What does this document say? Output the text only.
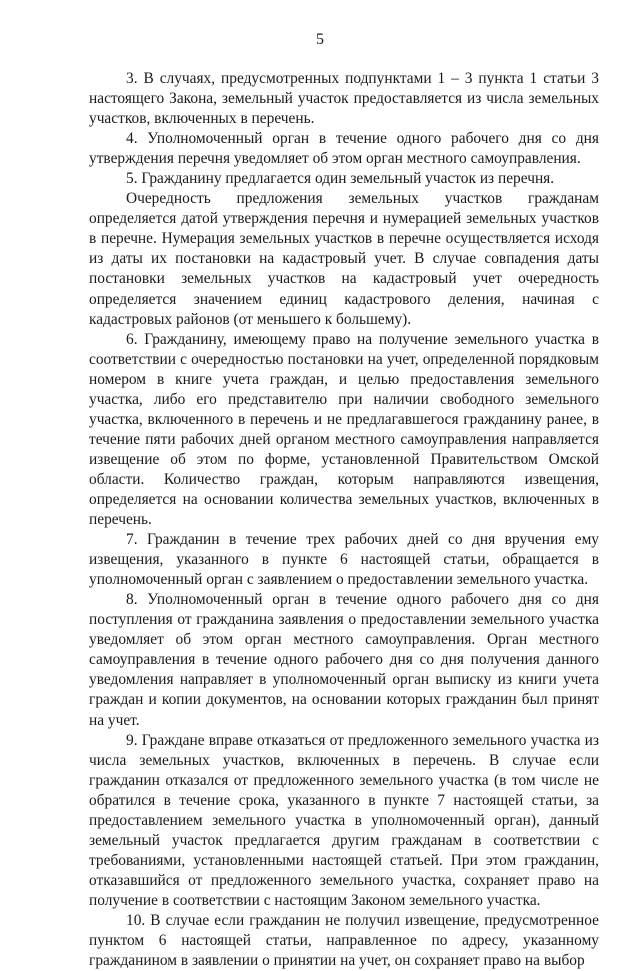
5

3. В случаях, предусмотренных подпунктами 1 – 3 пункта 1 статьи 3 настоящего Закона, земельный участок предоставляется из числа земельных участков, включенных в перечень.

4. Уполномоченный орган в течение одного рабочего дня со дня утверждения перечня уведомляет об этом орган местного самоуправления.

5. Гражданину предлагается один земельный участок из перечня.

Очередность предложения земельных участков гражданам определяется датой утверждения перечня и нумерацией земельных участков в перечне. Нумерация земельных участков в перечне осуществляется исходя из даты их постановки на кадастровый учет. В случае совпадения даты постановки земельных участков на кадастровый учет очередность определяется значением единиц кадастрового деления, начиная с кадастровых районов (от меньшего к большему).

6. Гражданину, имеющему право на получение земельного участка в соответствии с очередностью постановки на учет, определенной порядковым номером в книге учета граждан, и целью предоставления земельного участка, либо его представителю при наличии свободного земельного участка, включенного в перечень и не предлагавшегося гражданину ранее, в течение пяти рабочих дней органом местного самоуправления направляется извещение об этом по форме, установленной Правительством Омской области. Количество граждан, которым направляются извещения, определяется на основании количества земельных участков, включенных в перечень.

7. Гражданин в течение трех рабочих дней со дня вручения ему извещения, указанного в пункте 6 настоящей статьи, обращается в уполномоченный орган с заявлением о предоставлении земельного участка.

8. Уполномоченный орган в течение одного рабочего дня со дня поступления от гражданина заявления о предоставлении земельного участка уведомляет об этом орган местного самоуправления. Орган местного самоуправления в течение одного рабочего дня со дня получения данного уведомления направляет в уполномоченный орган выписку из книги учета граждан и копии документов, на основании которых гражданин был принят на учет.

9. Граждане вправе отказаться от предложенного земельного участка из числа земельных участков, включенных в перечень. В случае если гражданин отказался от предложенного земельного участка (в том числе не обратился в течение срока, указанного в пункте 7 настоящей статьи, за предоставлением земельного участка в уполномоченный орган), данный земельный участок предлагается другим гражданам в соответствии с требованиями, установленными настоящей статьей. При этом гражданин, отказавшийся от предложенного земельного участка, сохраняет право на получение в соответствии с настоящим Законом земельного участка.

10. В случае если гражданин не получил извещение, предусмотренное пунктом 6 настоящей статьи, направленное по адресу, указанному гражданином в заявлении о принятии на учет, он сохраняет право на выбор
